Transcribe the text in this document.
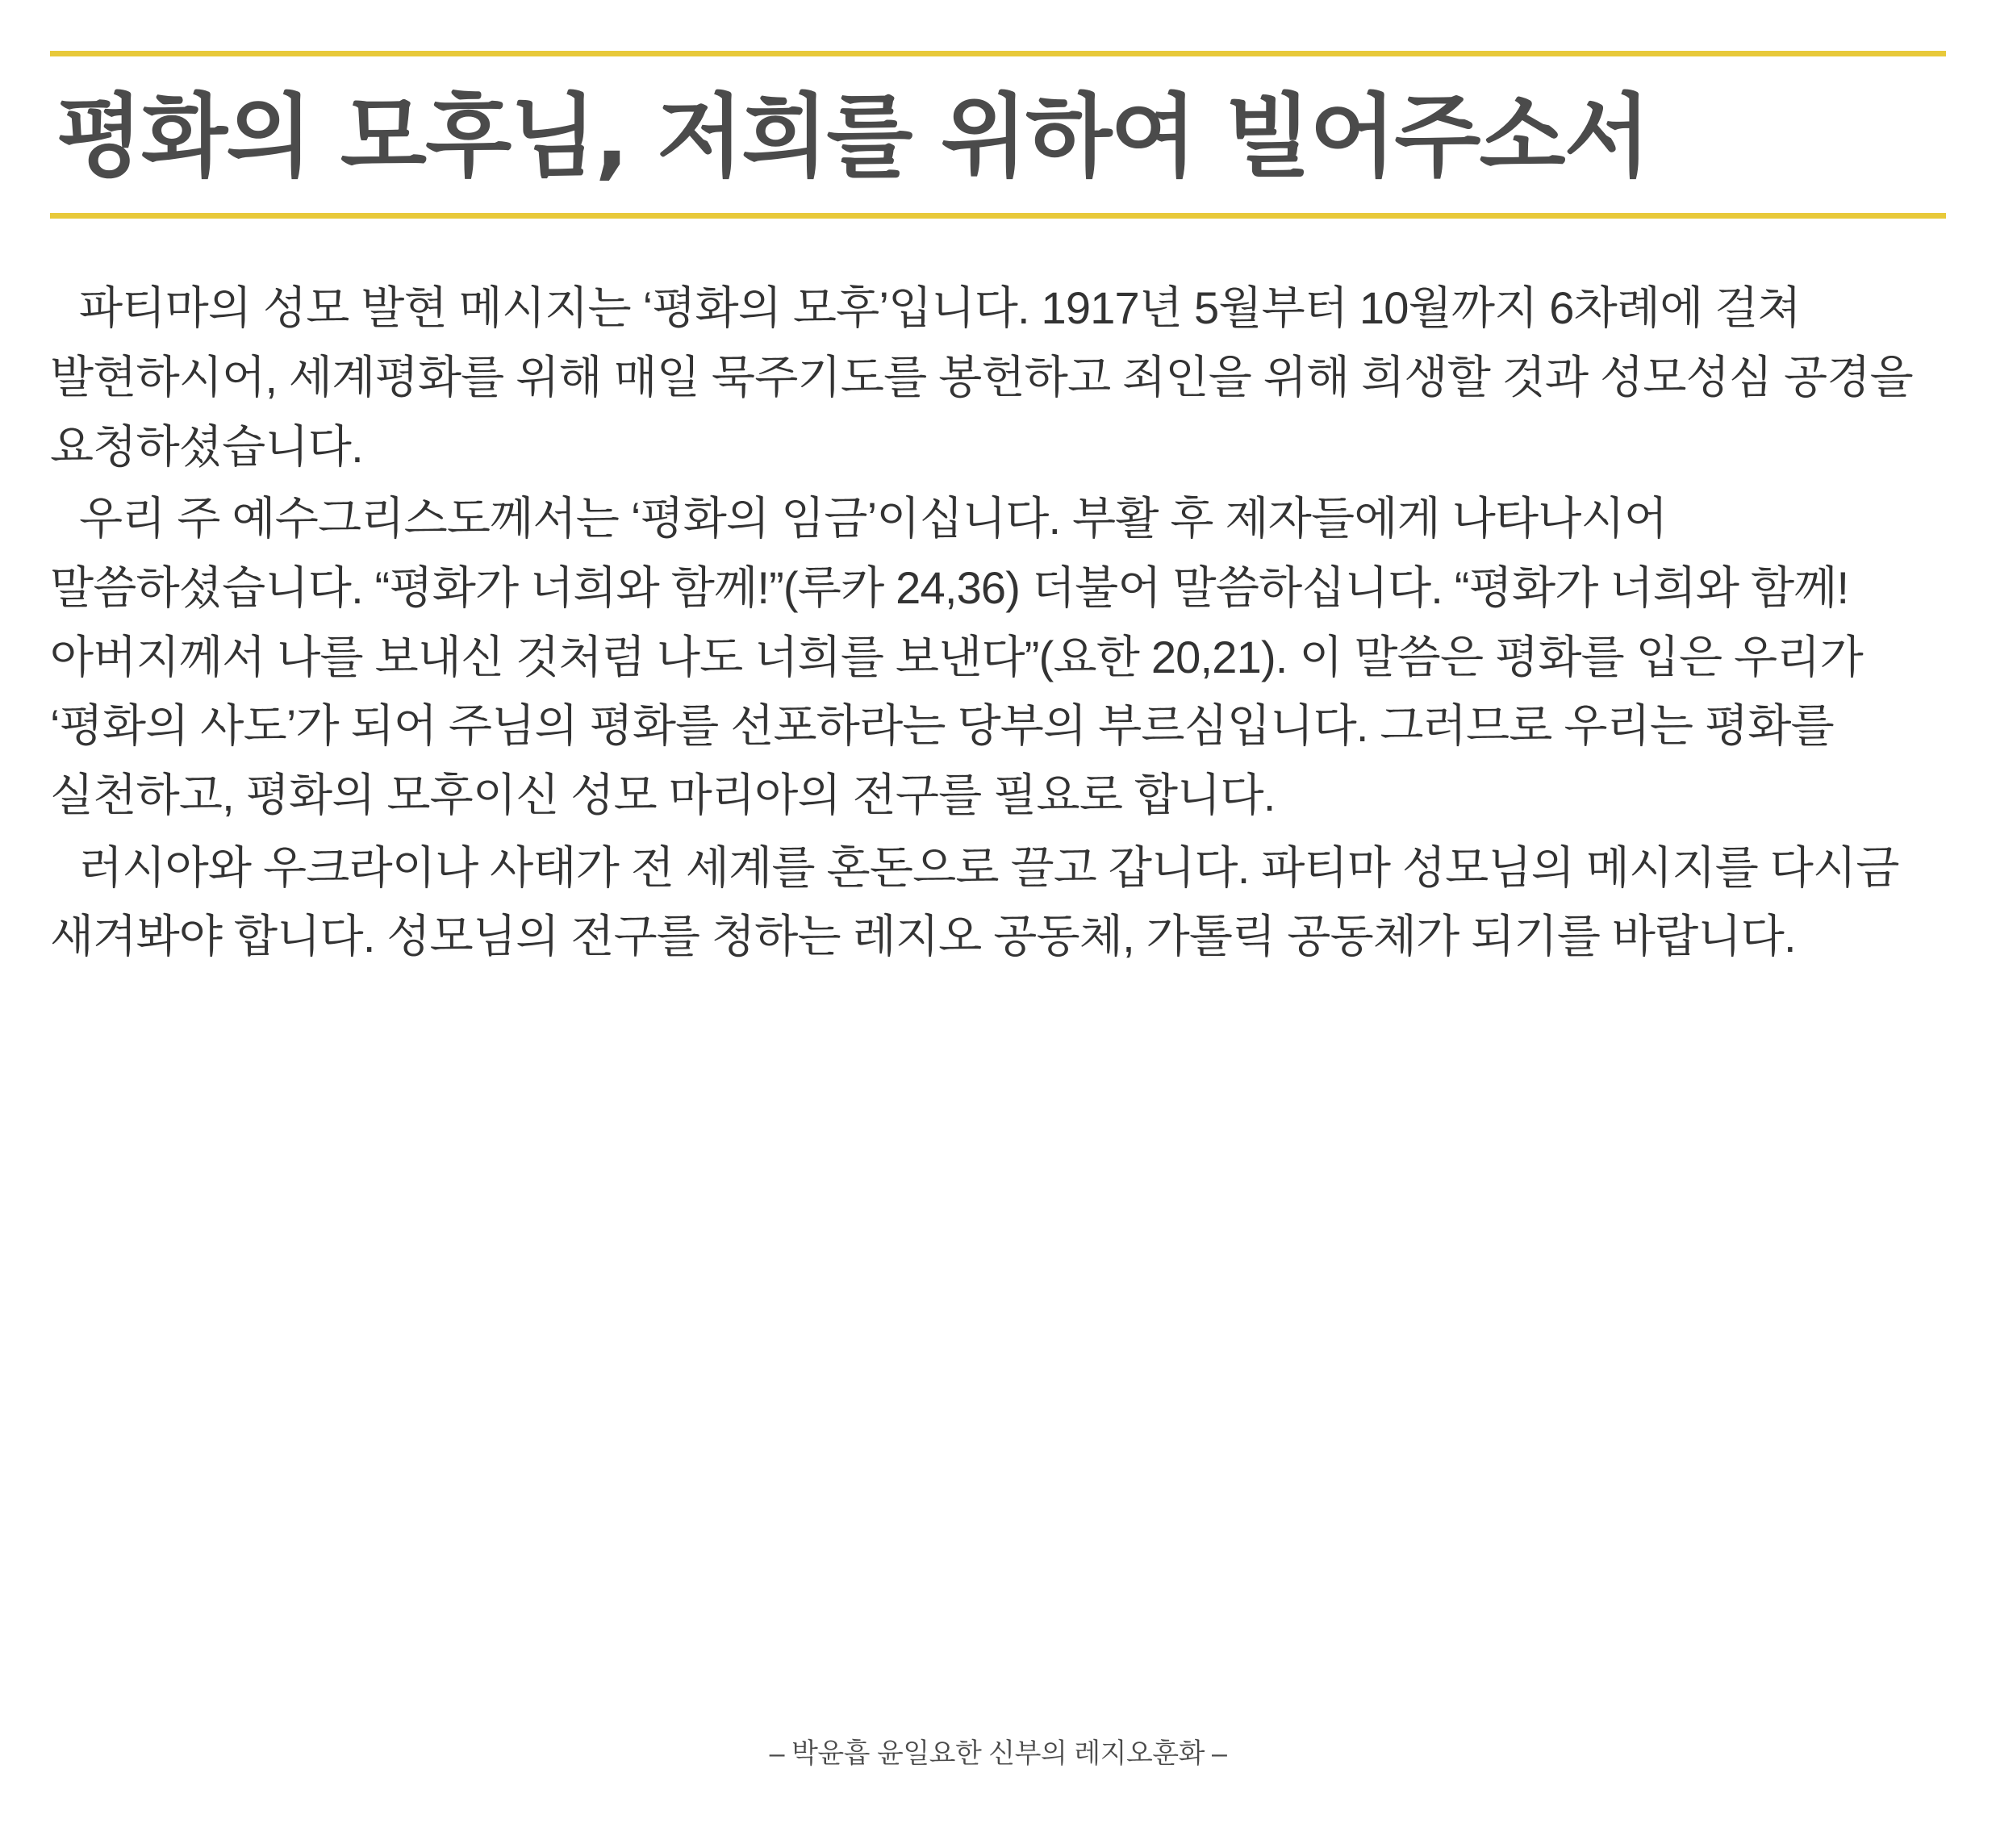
평화의 모후님, 저희를 위하여 빌어주소서

파티마의 성모 발현 메시지는 ‘평화의 모후’입니다. 1917년 5월부터 10월까지 6차례에 걸쳐 발현하시어, 세계평화를 위해 매일 묵주기도를 봉헌하고 죄인을 위해 희생할 것과 성모성심 공경을 요청하셨습니다.

우리 주 예수그리스도께서는 ‘평화의 임금’이십니다. 부활 후 제자들에게 나타나시어 말씀하셨습니다. “평화가 너희와 함께!”(루카 24,36) 더불어 말씀하십니다. “평화가 너희와 함께! 아버지께서 나를 보내신 것처럼 나도 너희를 보낸다”(요한 20,21). 이 말씀은 평화를 입은 우리가 ‘평화의 사도’가 되어 주님의 평화를 선포하라는 당부의 부르심입니다. 그러므로 우리는 평화를 실천하고, 평화의 모후이신 성모 마리아의 전구를 필요로 합니다.

러시아와 우크라이나 사태가 전 세계를 혼돈으로 끌고 갑니다. 파티마 성모님의 메시지를 다시금 새겨봐야 합니다. 성모님의 전구를 청하는 레지오 공동체, 가톨릭 공동체가 되기를 바랍니다.

– 박윤흡 윤일요한 신부의 레지오훈화 –
